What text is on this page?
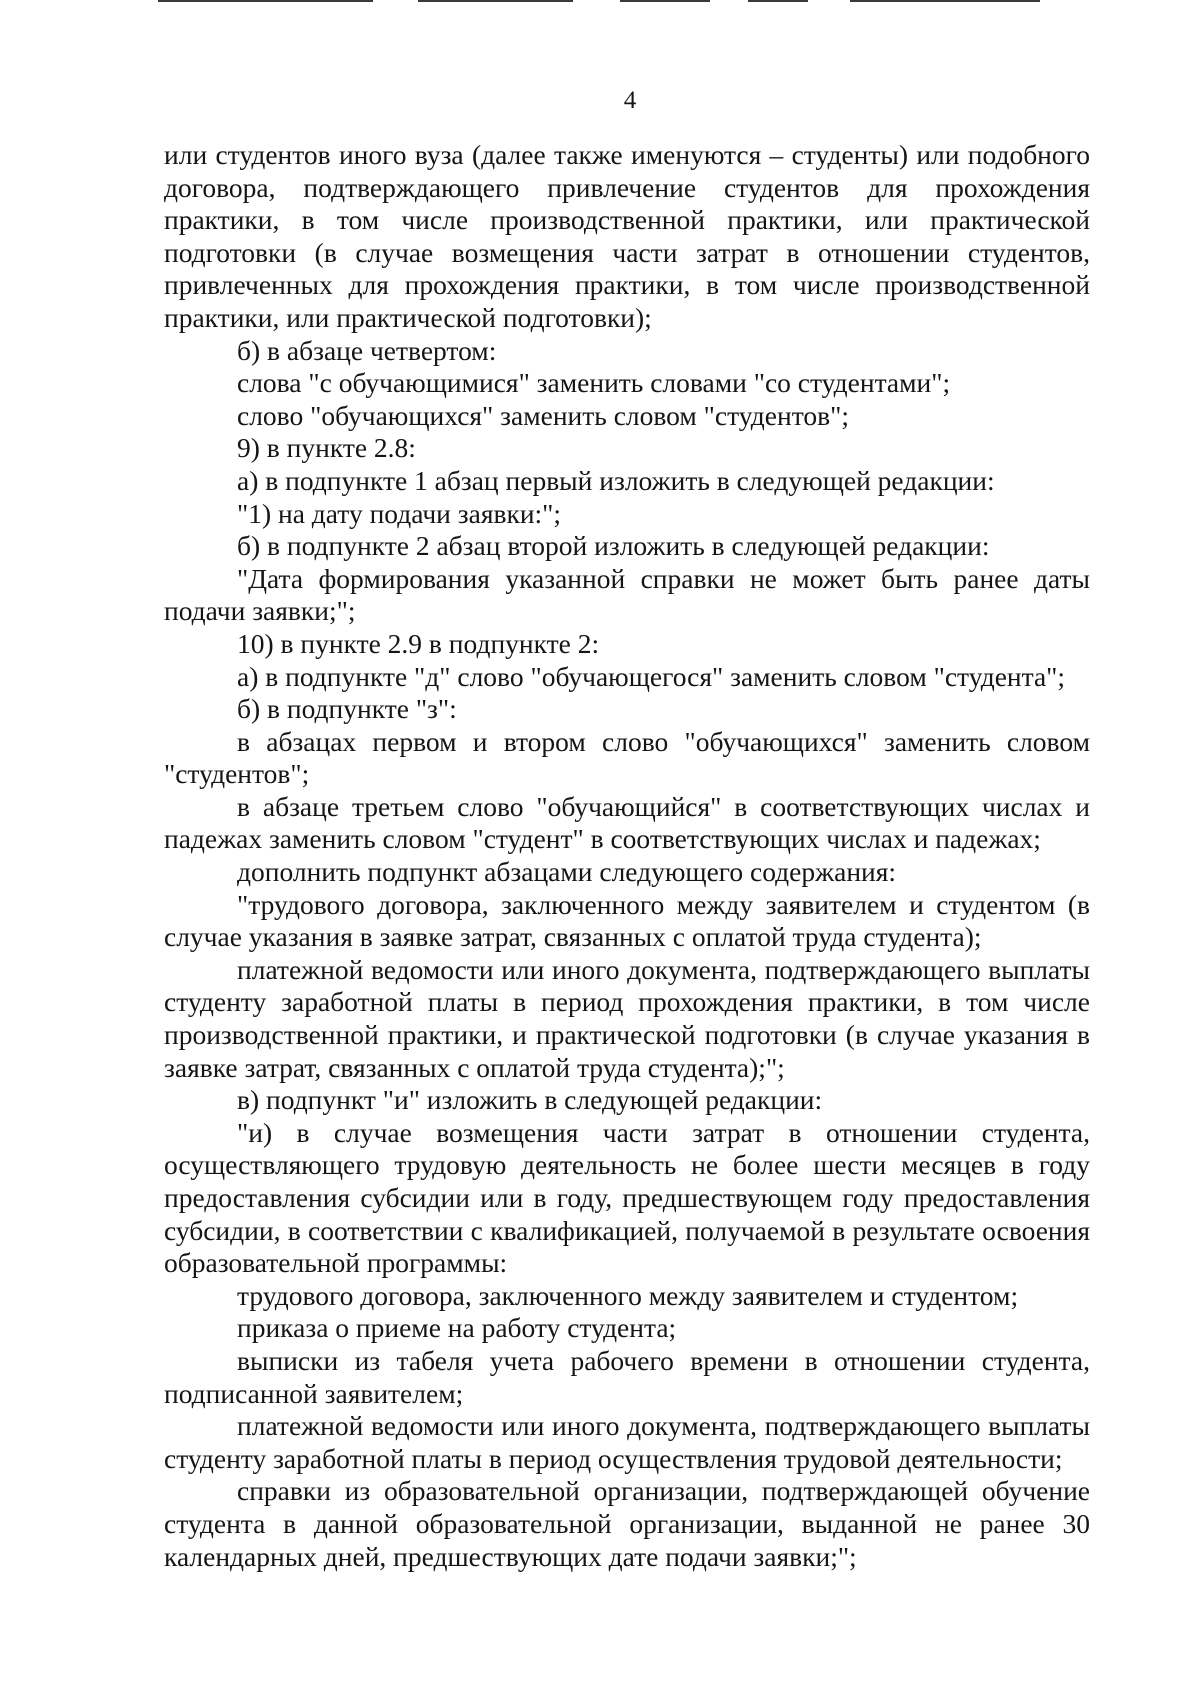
4

или студентов иного вуза (далее также именуются – студенты) или подобного договора, подтверждающего привлечение студентов для прохождения практики, в том числе производственной практики, или практической подготовки (в случае возмещения части затрат в отношении студентов, привлеченных для прохождения практики, в том числе производственной практики, или практической подготовки);

б) в абзаце четвертом:

слова "с обучающимися" заменить словами "со студентами";

слово "обучающихся" заменить словом "студентов";

9) в пункте 2.8:

а) в подпункте 1 абзац первый изложить в следующей редакции:

"1) на дату подачи заявки:";

б) в подпункте 2 абзац второй изложить в следующей редакции:

"Дата формирования указанной справки не может быть ранее даты подачи заявки;";

10) в пункте 2.9 в подпункте 2:

а) в подпункте "д" слово "обучающегося" заменить словом "студента";

б) в подпункте "з":

в абзацах первом и втором слово "обучающихся" заменить словом "студентов";

в абзаце третьем слово "обучающийся" в соответствующих числах и падежах заменить словом "студент" в соответствующих числах и падежах;

дополнить подпункт абзацами следующего содержания:

"трудового договора, заключенного между заявителем и студентом (в случае указания в заявке затрат, связанных с оплатой труда студента);

платежной ведомости или иного документа, подтверждающего выплаты студенту заработной платы в период прохождения практики, в том числе производственной практики, и практической подготовки (в случае указания в заявке затрат, связанных с оплатой труда студента);";

в) подпункт "и" изложить в следующей редакции:

"и) в случае возмещения части затрат в отношении студента, осуществляющего трудовую деятельность не более шести месяцев в году предоставления субсидии или в году, предшествующем году предоставления субсидии, в соответствии с квалификацией, получаемой в результате освоения образовательной программы:

трудового договора, заключенного между заявителем и студентом;

приказа о приеме на работу студента;

выписки из табеля учета рабочего времени в отношении студента, подписанной заявителем;

платежной ведомости или иного документа, подтверждающего выплаты студенту заработной платы в период осуществления трудовой деятельности;

справки из образовательной организации, подтверждающей обучение студента в данной образовательной организации, выданной не ранее 30 календарных дней, предшествующих дате подачи заявки;";
